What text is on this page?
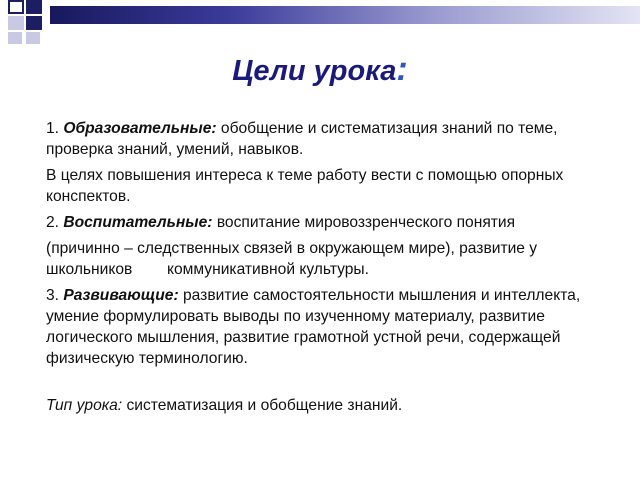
Цели урока:

1. Образовательные: обобщение и систематизация знаний по теме, проверка знаний, умений, навыков.

В целях повышения интереса к теме работу вести с помощью опорных конспектов.

2. Воспитательные: воспитание мировоззренческого понятия

(причинно – следственных связей в окружающем мире), развитие у школьников        коммуникативной культуры.

3. Развивающие: развитие самостоятельности мышления и интеллекта, умение формулировать выводы по изученному материалу, развитие логического мышления, развитие грамотной устной речи, содержащей физическую терминологию.

Тип урока: систематизация и обобщение знаний.
